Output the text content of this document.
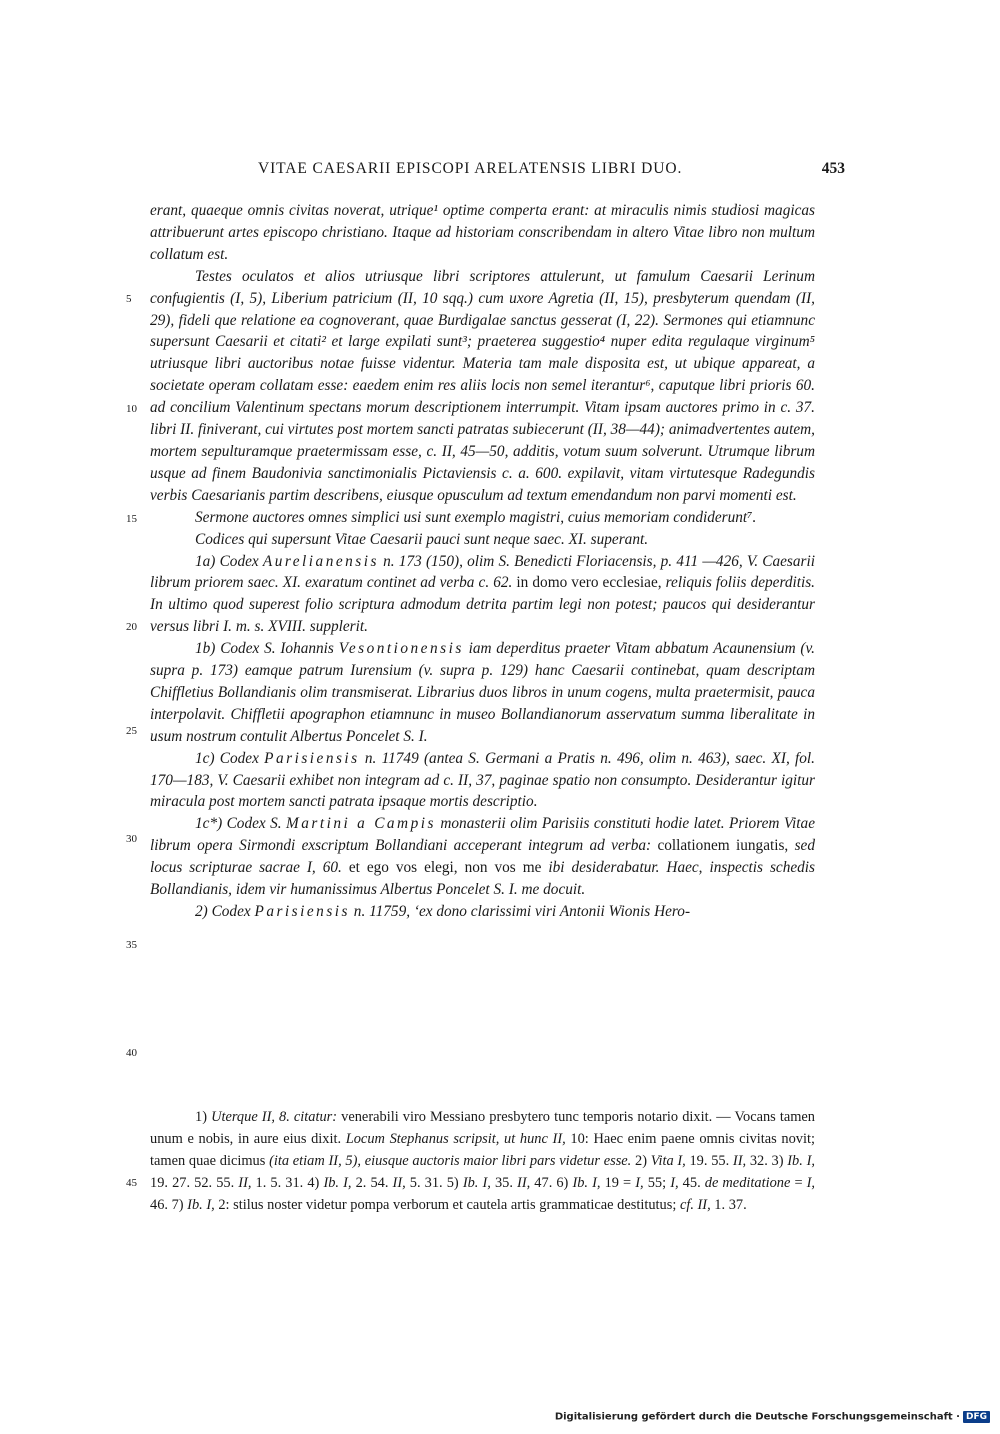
VITAE CAESARII EPISCOPI ARELATENSIS LIBRI DUO.	453
5
10
15
20
25
30
35
40
45

erant, quaeque omnis civitas noverat, utrique¹ optime comperta erant: at miraculis nimis studiosi magicas attribuerunt artes episcopo christiano. Itaque ad historiam conscribendam in altero Vitae libro non multum collatum est.

Testes oculatos et alios utriusque libri scriptores attulerunt, ut famulum Caesarii Lerinum confugientis (I, 5), Liberium patricium (II, 10 sqq.) cum uxore Agretia (II, 15), presbyterum quendam (II, 29), fideli que relatione ea cognoverant, quae Burdigalae sanctus gesserat (I, 22). Sermones qui etiamnunc supersunt Caesarii et citati² et large expilati sunt³; praeterea suggestio⁴ nuper edita regulaque virginum⁵ utriusque libri auctoribus notae fuisse videntur. Materia tam male disposita est, ut ubique appareat, a societate operam collatam esse: eaedem enim res aliis locis non semel iterantur⁶, caputque libri prioris 60. ad concilium Valentinum spectans morum descriptionem interrumpit. Vitam ipsam auctores primo in c. 37. libri II. finiverant, cui virtutes post mortem sancti patratas subiecerunt (II, 38—44); animadvertentes autem, mortem sepulturamque praetermissam esse, c. II, 45—50, additis, votum suum solverunt. Utrumque librum usque ad finem Baudonivia sanctimonialis Pictaviensis c. a. 600. expilavit, vitam virtutesque Radegundis verbis Caesarianis partim describens, eiusque opusculum ad textum emendandum non parvi momenti est.

Sermone auctores omnes simplici usi sunt exemplo magistri, cuius memoriam condiderunt⁷.

Codices qui supersunt Vitae Caesarii pauci sunt neque saec. XI. superant.

1a) Codex Aurelianensis n. 173 (150), olim S. Benedicti Floriacensis, p. 411 —426, V. Caesarii librum priorem saec. XI. exaratum continet ad verba c. 62. in domo vero ecclesiae, reliquis foliis deperditis. In ultimo quod superest folio scriptura admodum detrita partim legi non potest; paucos qui desiderantur versus libri I. m. s. XVIII. supplerit.

1b) Codex S. Iohannis Vesontionensis iam deperditus praeter Vitam abbatum Acaunensium (v. supra p. 173) eamque patrum Iurensium (v. supra p. 129) hanc Caesarii continebat, quam descriptam Chiffletius Bollandianis olim transmiserat. Librarius duos libros in unum cogens, multa praetermisit, pauca interpolavit. Chiffletii apographon etiamnunc in museo Bollandianorum asservatum summa liberalitate in usum nostrum contulit Albertus Poncelet S. I.

1c) Codex Parisiensis n. 11749 (antea S. Germani a Pratis n. 496, olim n. 463), saec. XI, fol. 170—183, V. Caesarii exhibet non integram ad c. II, 37, paginae spatio non consumpto. Desiderantur igitur miracula post mortem sancti patrata ipsaque mortis descriptio.

1c*) Codex S. Martini a Campis monasterii olim Parisiis constituti hodie latet. Priorem Vitae librum opera Sirmondi exscriptum Bollandiani acceperant integrum ad verba: collationem iungatis, sed locus scripturae sacrae I, 60. et ego vos elegi, non vos me ibi desiderabatur. Haec, inspectis schedis Bollandianis, idem vir humanissimus Albertus Poncelet S. I. me docuit.

2) Codex Parisiensis n. 11759, ‘ex dono clarissimi viri Antonii Wionis Hero-

1) Uterque II, 8. citatur: venerabili viro Messiano presbytero tunc temporis notario dixit. — Vocans tamen unum e nobis, in aure eius dixit. Locum Stephanus scripsit, ut hunc II, 10: Haec enim paene omnis civitas novit; tamen quae dicimus (ita etiam II, 5), eiusque auctoris maior libri pars videtur esse. 2) Vita I, 19. 55. II, 32. 3) Ib. I, 19. 27. 52. 55. II, 1. 5. 31. 4) Ib. I, 2. 54. II, 5. 31. 5) Ib. I, 35. II, 47. 6) Ib. I, 19 = I, 55; I, 45. de meditatione = I, 46. 7) Ib. I, 2: stilus noster videtur pompa verborum et cautela artis grammaticae destitutus; cf. II, 1. 37.

Digitalisierung gefördert durch die Deutsche Forschungsgemeinschaft · DFG
